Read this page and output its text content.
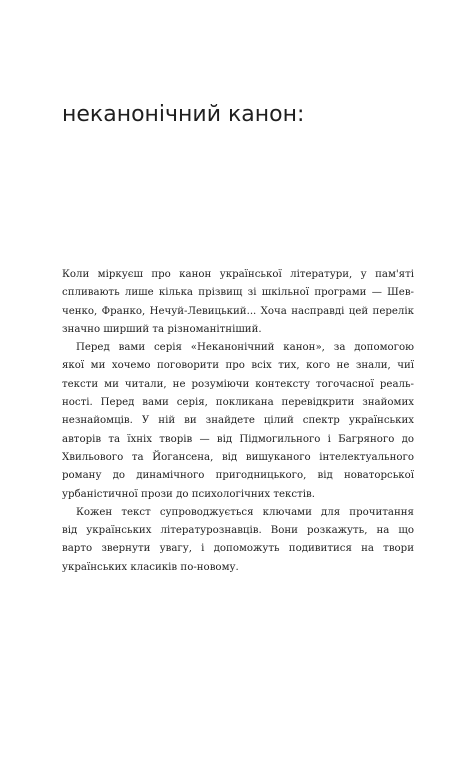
неканонічний канон:

Коли міркуєш про канон української літератури, у пам'яті
спливають лише кілька прізвищ зі шкільної програми — Шев-
ченко, Франко, Нечуй-Левицький... Хоча насправді цей перелік
значно ширший та різноманітніший.

Перед вами серія «Неканонічний канон», за допомогою
якої ми хочемо поговорити про всіх тих, кого не знали, чиї
тексти ми читали, не розуміючи контексту тогочасної реаль-
ності. Перед вами серія, покликана перевідкрити знайомих
незнайомців. У ній ви знайдете цілий спектр українських
авторів та їхніх творів — від Підмогильного і Багряного до
Хвильового та Йогансена, від вишуканого інтелектуального
роману до динамічного пригодницького, від новаторської
урбаністичної прози до психологічних текстів.

Кожен текст супроводжується ключами для прочитання
від українських літературознавців. Вони розкажуть, на що
варто звернути увагу, і допоможуть подивитися на твори
українських класиків по-новому.
